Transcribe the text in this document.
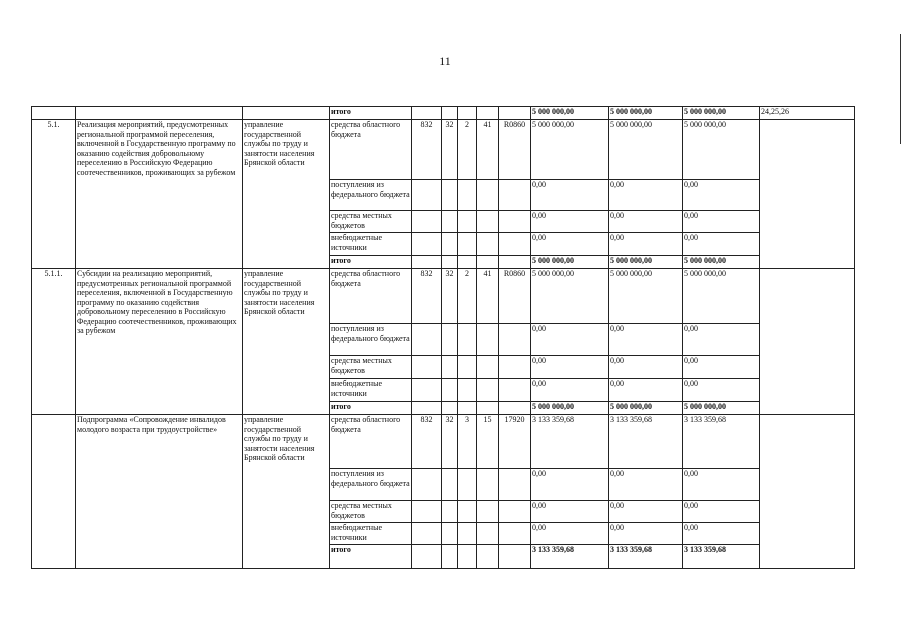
11
			итого						5 000 000,00	5 000 000,00	5 000 000,00	24,25,26
5.1.	Реализация мероприятий, предусмотренных региональной программой переселения, включенной в Государственную программу по оказанию содействия добровольному переселению в Российскую Федерацию соотечественников, проживающих за рубежом	управление государственной службы по труду и занятости населения Брянской области	средства областного бюджета	832	32	2	41	R0860	5 000 000,00	5 000 000,00	5 000 000,00	
			поступления из федерального бюджета						0,00	0,00	0,00	
			средства местных бюджетов						0,00	0,00	0,00	
			внебюджетные источники						0,00	0,00	0,00	
			итого						5 000 000,00	5 000 000,00	5 000 000,00	
5.1.1.	Субсидии на реализацию мероприятий, предусмотренных региональной программой переселения, включенной в Государственную программу по оказанию содействия добровольному переселению в Российскую Федерацию соотечественников, проживающих за рубежом	управление государственной службы по труду и занятости населения Брянской области	средства областного бюджета	832	32	2	41	R0860	5 000 000,00	5 000 000,00	5 000 000,00	
			поступления из федерального бюджета						0,00	0,00	0,00	
			средства местных бюджетов						0,00	0,00	0,00	
			внебюджетные источники						0,00	0,00	0,00	
			итого						5 000 000,00	5 000 000,00	5 000 000,00	
	Подпрограмма «Сопровождение инвалидов молодого возраста при трудоустройстве»	управление государственной службы по труду и занятости населения Брянской области	средства областного бюджета	832	32	3	15	17920	3 133 359,68	3 133 359,68	3 133 359,68	
			поступления из федерального бюджета						0,00	0,00	0,00	
			средства местных бюджетов						0,00	0,00	0,00	
			внебюджетные источники						0,00	0,00	0,00	
			итого						3 133 359,68	3 133 359,68	3 133 359,68	
